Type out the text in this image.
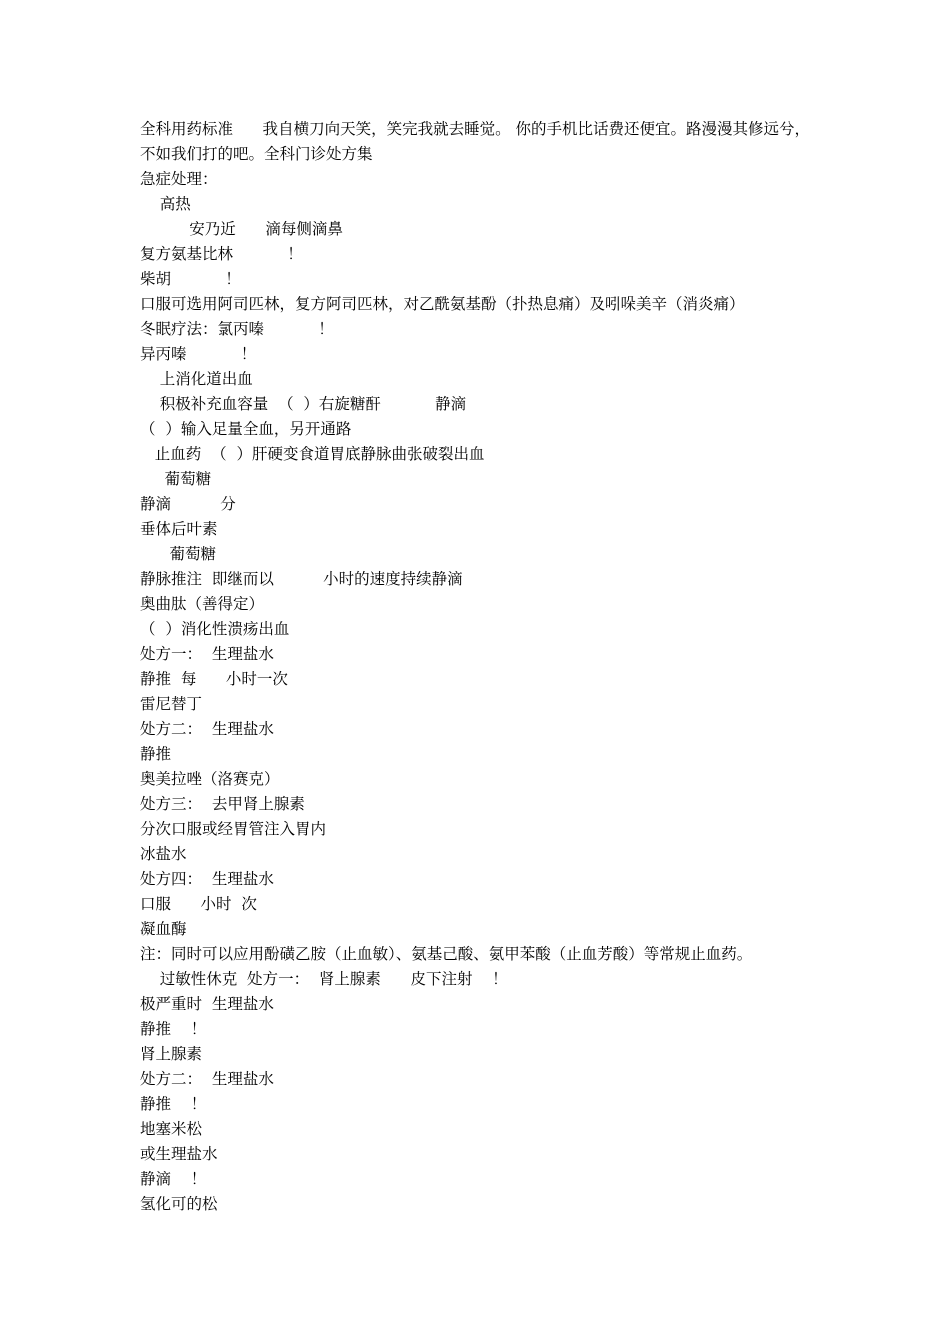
全科用药标准      我自横刀向天笑，笑完我就去睡觉。 你的手机比话费还便宜。路漫漫其修远兮，不如我们打的吧。全科门诊处方集
急症处理：
高热
安乃近      滴每侧滴鼻
复方氨基比林           ！
柴胡           ！
口服可选用阿司匹林，复方阿司匹林，对乙酰氨基酚（扑热息痛）及吲哚美辛（消炎痛）
冬眠疗法：氯丙嗪           ！
异丙嗪           ！
上消化道出血
积极补充血容量  （  ）右旋糖酐           静滴
（  ）输入足量全血，另开通路
止血药  （  ）肝硬变食道胃底静脉曲张破裂出血
葡萄糖
静滴          分
垂体后叶素
葡萄糖
静脉推注  即继而以          小时的速度持续静滴
奥曲肽（善得定）
（  ）消化性溃疡出血
处方一：  生理盐水
静推  每      小时一次
雷尼替丁
处方二：  生理盐水
静推
奥美拉唑（洛赛克）
处方三：  去甲肾上腺素
分次口服或经胃管注入胃内
冰盐水
处方四：  生理盐水
口服      小时  次
凝血酶
注：同时可以应用酚磺乙胺（止血敏）、氨基己酸、氨甲苯酸（止血芳酸）等常规止血药。
过敏性休克  处方一：  肾上腺素      皮下注射    ！
极严重时  生理盐水
静推    ！
肾上腺素
处方二：  生理盐水
静推    ！
地塞米松
或生理盐水
静滴    ！
氢化可的松
